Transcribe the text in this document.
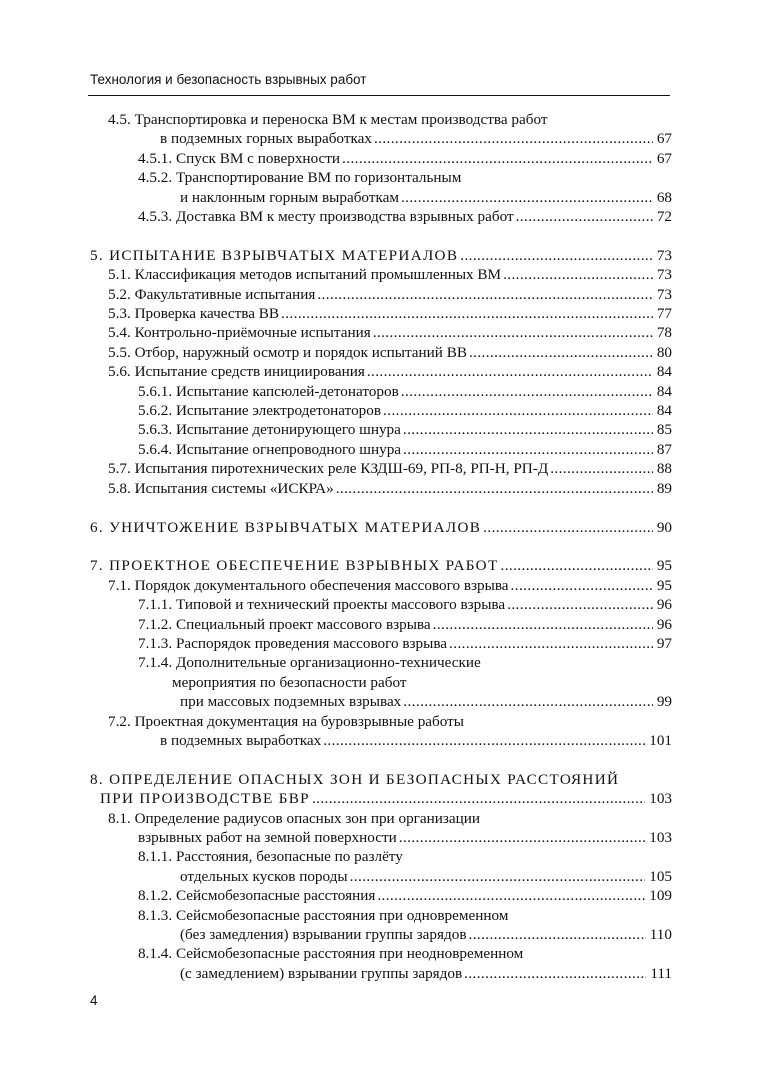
Технология и безопасность взрывных работ
4.5. Транспортировка и переноска ВМ к местам производства работ
в подземных горных выработках .....	67
4.5.1. Спуск ВМ с поверхности .....	67
4.5.2. Транспортирование ВМ по горизонтальным
и наклонным горным выработкам .....	68
4.5.3. Доставка ВМ к месту производства взрывных работ .....	72
5. ИСПЫТАНИЕ ВЗРЫВЧАТЫХ МАТЕРИАЛОВ .....	73
5.1. Классификация методов испытаний промышленных ВМ .....	73
5.2. Факультативные испытания .....	73
5.3. Проверка качества ВВ .....	77
5.4. Контрольно-приёмочные испытания .....	78
5.5. Отбор, наружный осмотр и порядок испытаний ВВ .....	80
5.6. Испытание средств инициирования .....	84
5.6.1. Испытание капсюлей-детонаторов .....	84
5.6.2. Испытание электродетонаторов .....	84
5.6.3. Испытание детонирующего шнура .....	85
5.6.4. Испытание огнепроводного шнура .....	87
5.7. Испытания пиротехнических реле КЗДШ-69, РП-8, РП-Н, РП-Д .....	88
5.8. Испытания системы «ИСКРА» .....	89
6. УНИЧТОЖЕНИЕ ВЗРЫВЧАТЫХ МАТЕРИАЛОВ .....	90
7. ПРОЕКТНОЕ ОБЕСПЕЧЕНИЕ ВЗРЫВНЫХ РАБОТ .....	95
7.1. Порядок документального обеспечения массового взрыва .....	95
7.1.1. Типовой и технический проекты массового взрыва .....	96
7.1.2. Специальный проект массового взрыва .....	96
7.1.3. Распорядок проведения массового взрыва .....	97
7.1.4. Дополнительные организационно-технические
мероприятия по безопасности работ
при массовых подземных взрывах .....	99
7.2. Проектная документация на буровзрывные работы
в подземных выработках .....	101
8. ОПРЕДЕЛЕНИЕ ОПАСНЫХ ЗОН И БЕЗОПАСНЫХ РАССТОЯНИЙ
ПРИ ПРОИЗВОДСТВЕ БВР .....	103
8.1. Определение радиусов опасных зон при организации
взрывных работ на земной поверхности .....	103
8.1.1. Расстояния, безопасные по разлёту
отдельных кусков породы .....	105
8.1.2. Сейсмобезопасные расстояния .....	109
8.1.3. Сейсмобезопасные расстояния при одновременном
(без замедления) взрывании группы зарядов .....	110
8.1.4. Сейсмобезопасные расстояния при неодновременном
(с замедлением) взрывании группы зарядов .....	111
4
